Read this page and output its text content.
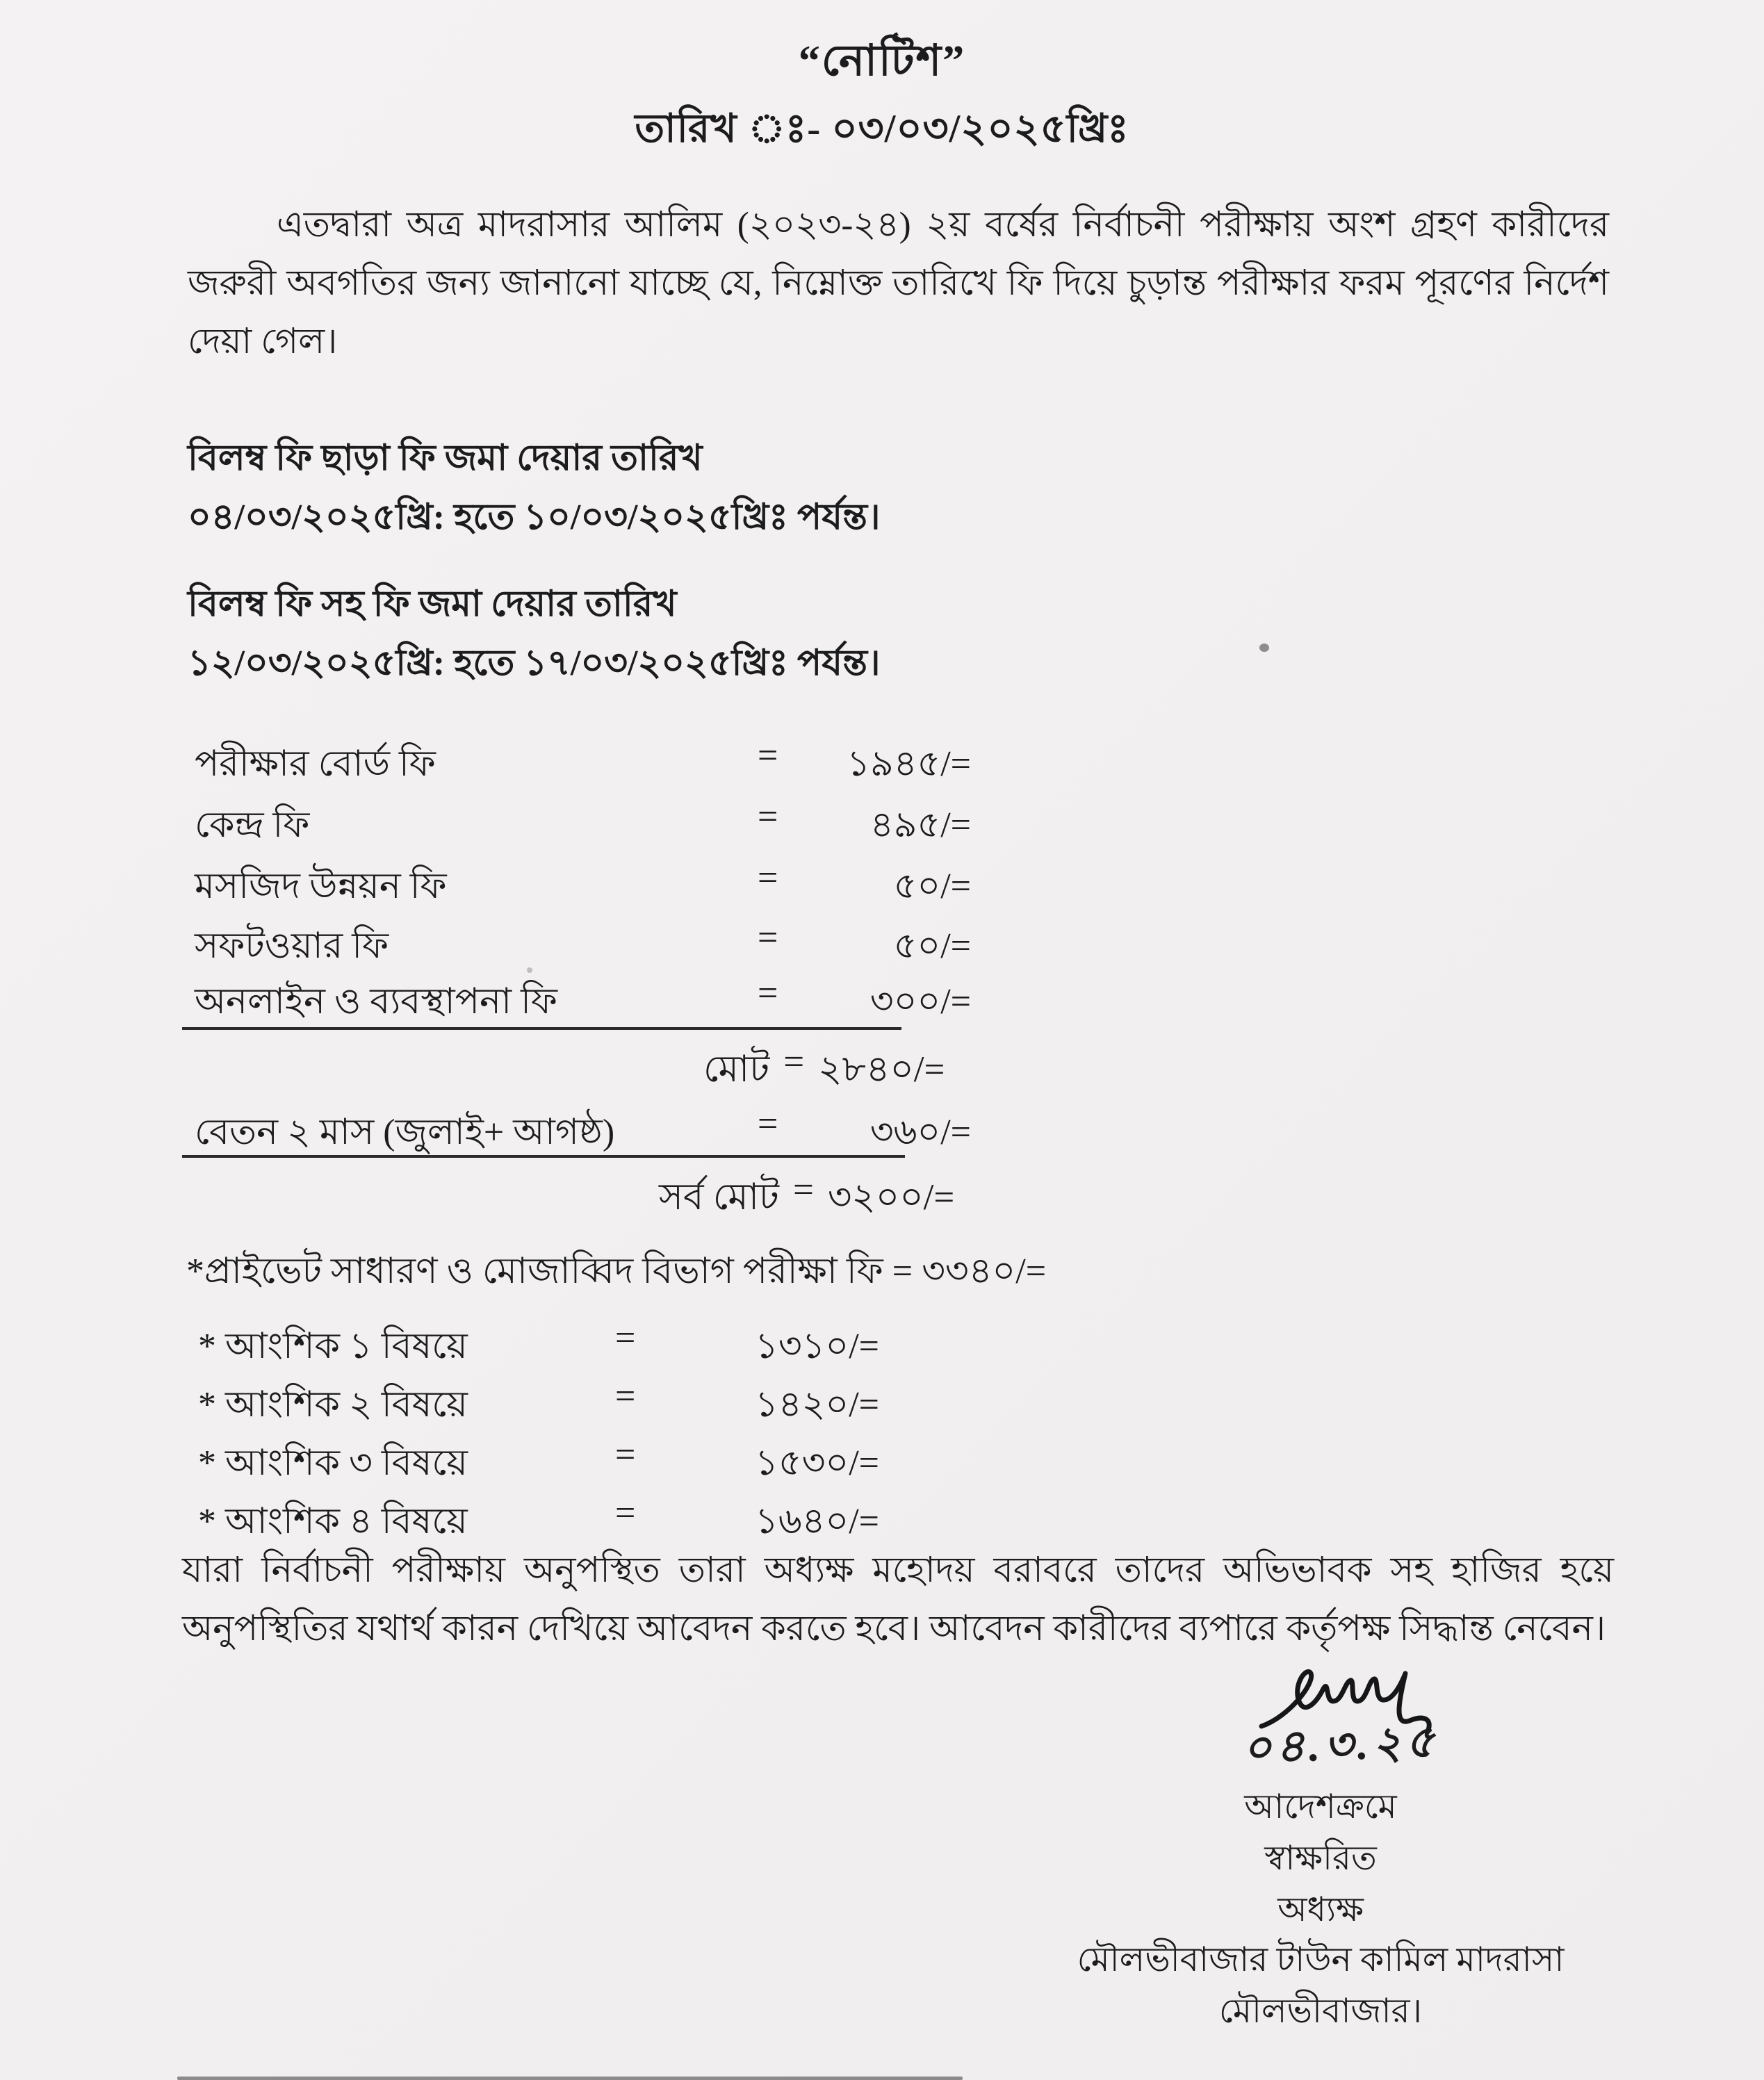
“নোটিশ”
তারিখ ঃ- ০৩/০৩/২০২৫খ্রিঃ
এতদ্বারা অত্র মাদরাসার আলিম (২০২৩-২৪) ২য় বর্ষের নির্বাচনী পরীক্ষায় অংশ গ্রহণ কারীদের জরুরী অবগতির জন্য জানানো যাচ্ছে যে, নিম্নোক্ত তারিখে ফি দিয়ে চুড়ান্ত পরীক্ষার ফরম পূরণের নির্দেশ দেয়া গেল।
বিলম্ব ফি ছাড়া ফি জমা দেয়ার তারিখ
০৪/০৩/২০২৫খ্রি: হতে ১০/০৩/২০২৫খ্রিঃ পর্যন্ত।
বিলম্ব ফি সহ ফি জমা দেয়ার তারিখ
১২/০৩/২০২৫খ্রি: হতে ১৭/০৩/২০২৫খ্রিঃ পর্যন্ত।
পরীক্ষার বোর্ড ফি	=	১৯৪৫/=
কেন্দ্র ফি	=	৪৯৫/=
মসজিদ উন্নয়ন ফি	=	৫০/=
সফটওয়ার ফি	=	৫০/=
অনলাইন ও ব্যবস্থাপনা ফি	=	৩০০/=
মোট = ২৮৪০/=
বেতন ২ মাস (জুলাই+ আগষ্ঠ)	=	৩৬০/=
সর্ব মোট = ৩২০০/=
*প্রাইভেট সাধারণ ও মোজাব্বিদ বিভাগ পরীক্ষা ফি = ৩৩৪০/=
* আংশিক ১ বিষয়ে	=	১৩১০/=
* আংশিক ২ বিষয়ে	=	১৪২০/=
* আংশিক ৩ বিষয়ে	=	১৫৩০/=
* আংশিক ৪ বিষয়ে	=	১৬৪০/=
যারা নির্বাচনী পরীক্ষায় অনুপস্থিত তারা অধ্যক্ষ মহোদয় বরাবরে তাদের অভিভাবক সহ হাজির হয়ে অনুপস্থিতির যথার্থ কারন দেখিয়ে আবেদন করতে হবে। আবেদন কারীদের ব্যপারে কর্তৃপক্ষ সিদ্ধান্ত নেবেন।
০৪.৩.২৫
আদেশক্রমে
স্বাক্ষরিত
অধ্যক্ষ
মৌলভীবাজার টাউন কামিল মাদরাসা
মৌলভীবাজার।
